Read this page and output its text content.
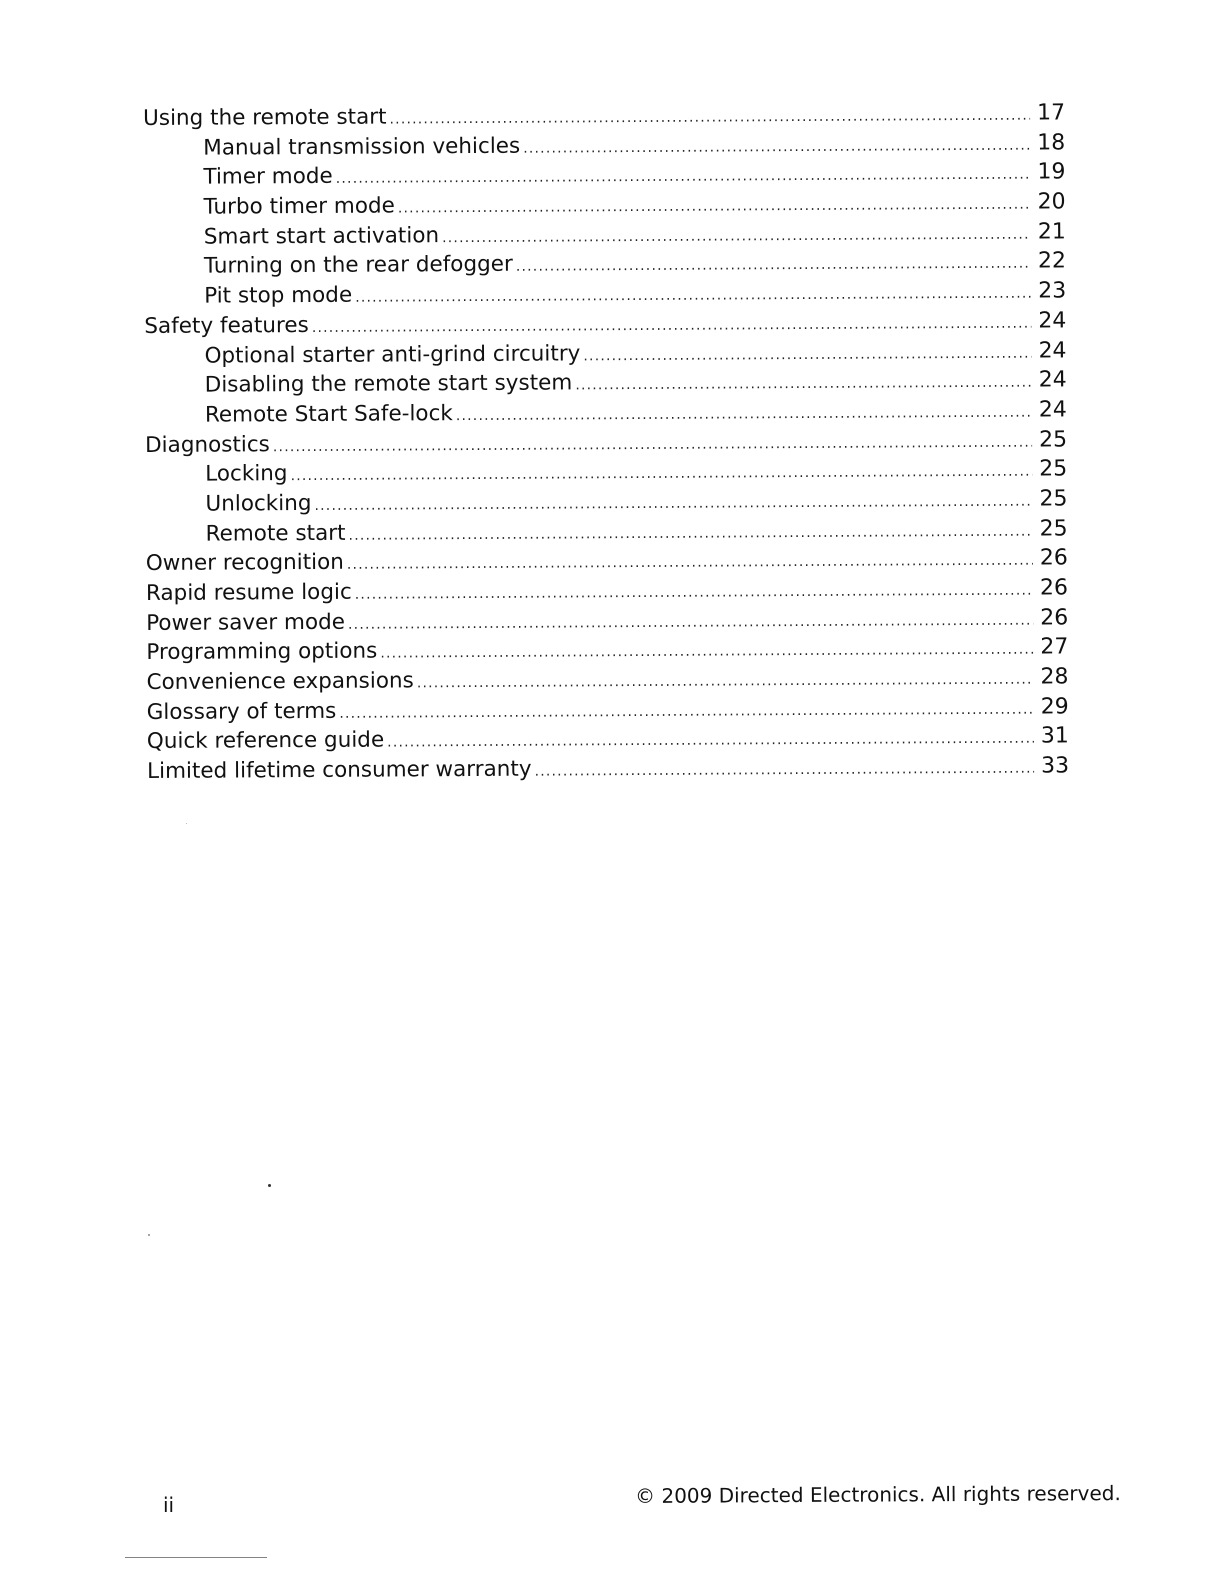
Using the remote start .....	17
Manual transmission vehicles .....	18
Timer mode .....	19
Turbo timer mode .....	20
Smart start activation .....	21
Turning on the rear defogger .....	22
Pit stop mode .....	23
Safety features .....	24
Optional starter anti-grind circuitry .....	24
Disabling the remote start system .....	24
Remote Start Safe-lock .....	24
Diagnostics .....	25
Locking .....	25
Unlocking .....	25
Remote start .....	25
Owner recognition .....	26
Rapid resume logic .....	26
Power saver mode .....	26
Programming options .....	27
Convenience expansions .....	28
Glossary of terms .....	29
Quick reference guide .....	31
Limited lifetime consumer warranty .....	33
ii	© 2009 Directed Electronics. All rights reserved.
